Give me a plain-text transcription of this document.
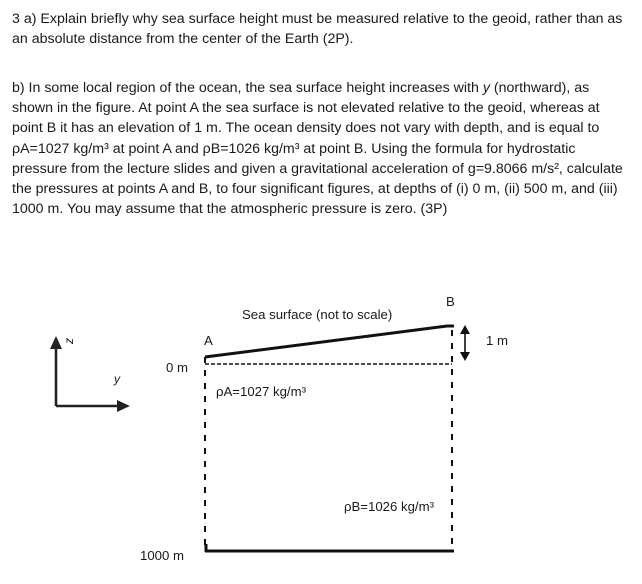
3 a) Explain briefly why sea surface height must be measured relative to the geoid, rather than as an absolute distance from the center of the Earth (2P).
b) In some local region of the ocean, the sea surface height increases with y (northward), as shown in the figure. At point A the sea surface is not elevated relative to the geoid, whereas at point B it has an elevation of 1 m. The ocean density does not vary with depth, and is equal to ρA=1027 kg/m³ at point A and ρB=1026 kg/m³ at point B. Using the formula for hydrostatic pressure from the lecture slides and given a gravitational acceleration of g=9.8066 m/s², calculate the pressures at points A and B, to four significant figures, at depths of (i) 0 m, (ii) 500 m, and (iii) 1000 m. You may assume that the atmospheric pressure is zero. (3P)
Sea surface (not to scale)
B
A	1 m
0 m
1000 m
z
y
ρA=1027 kg/m³
ρB=1026 kg/m³
